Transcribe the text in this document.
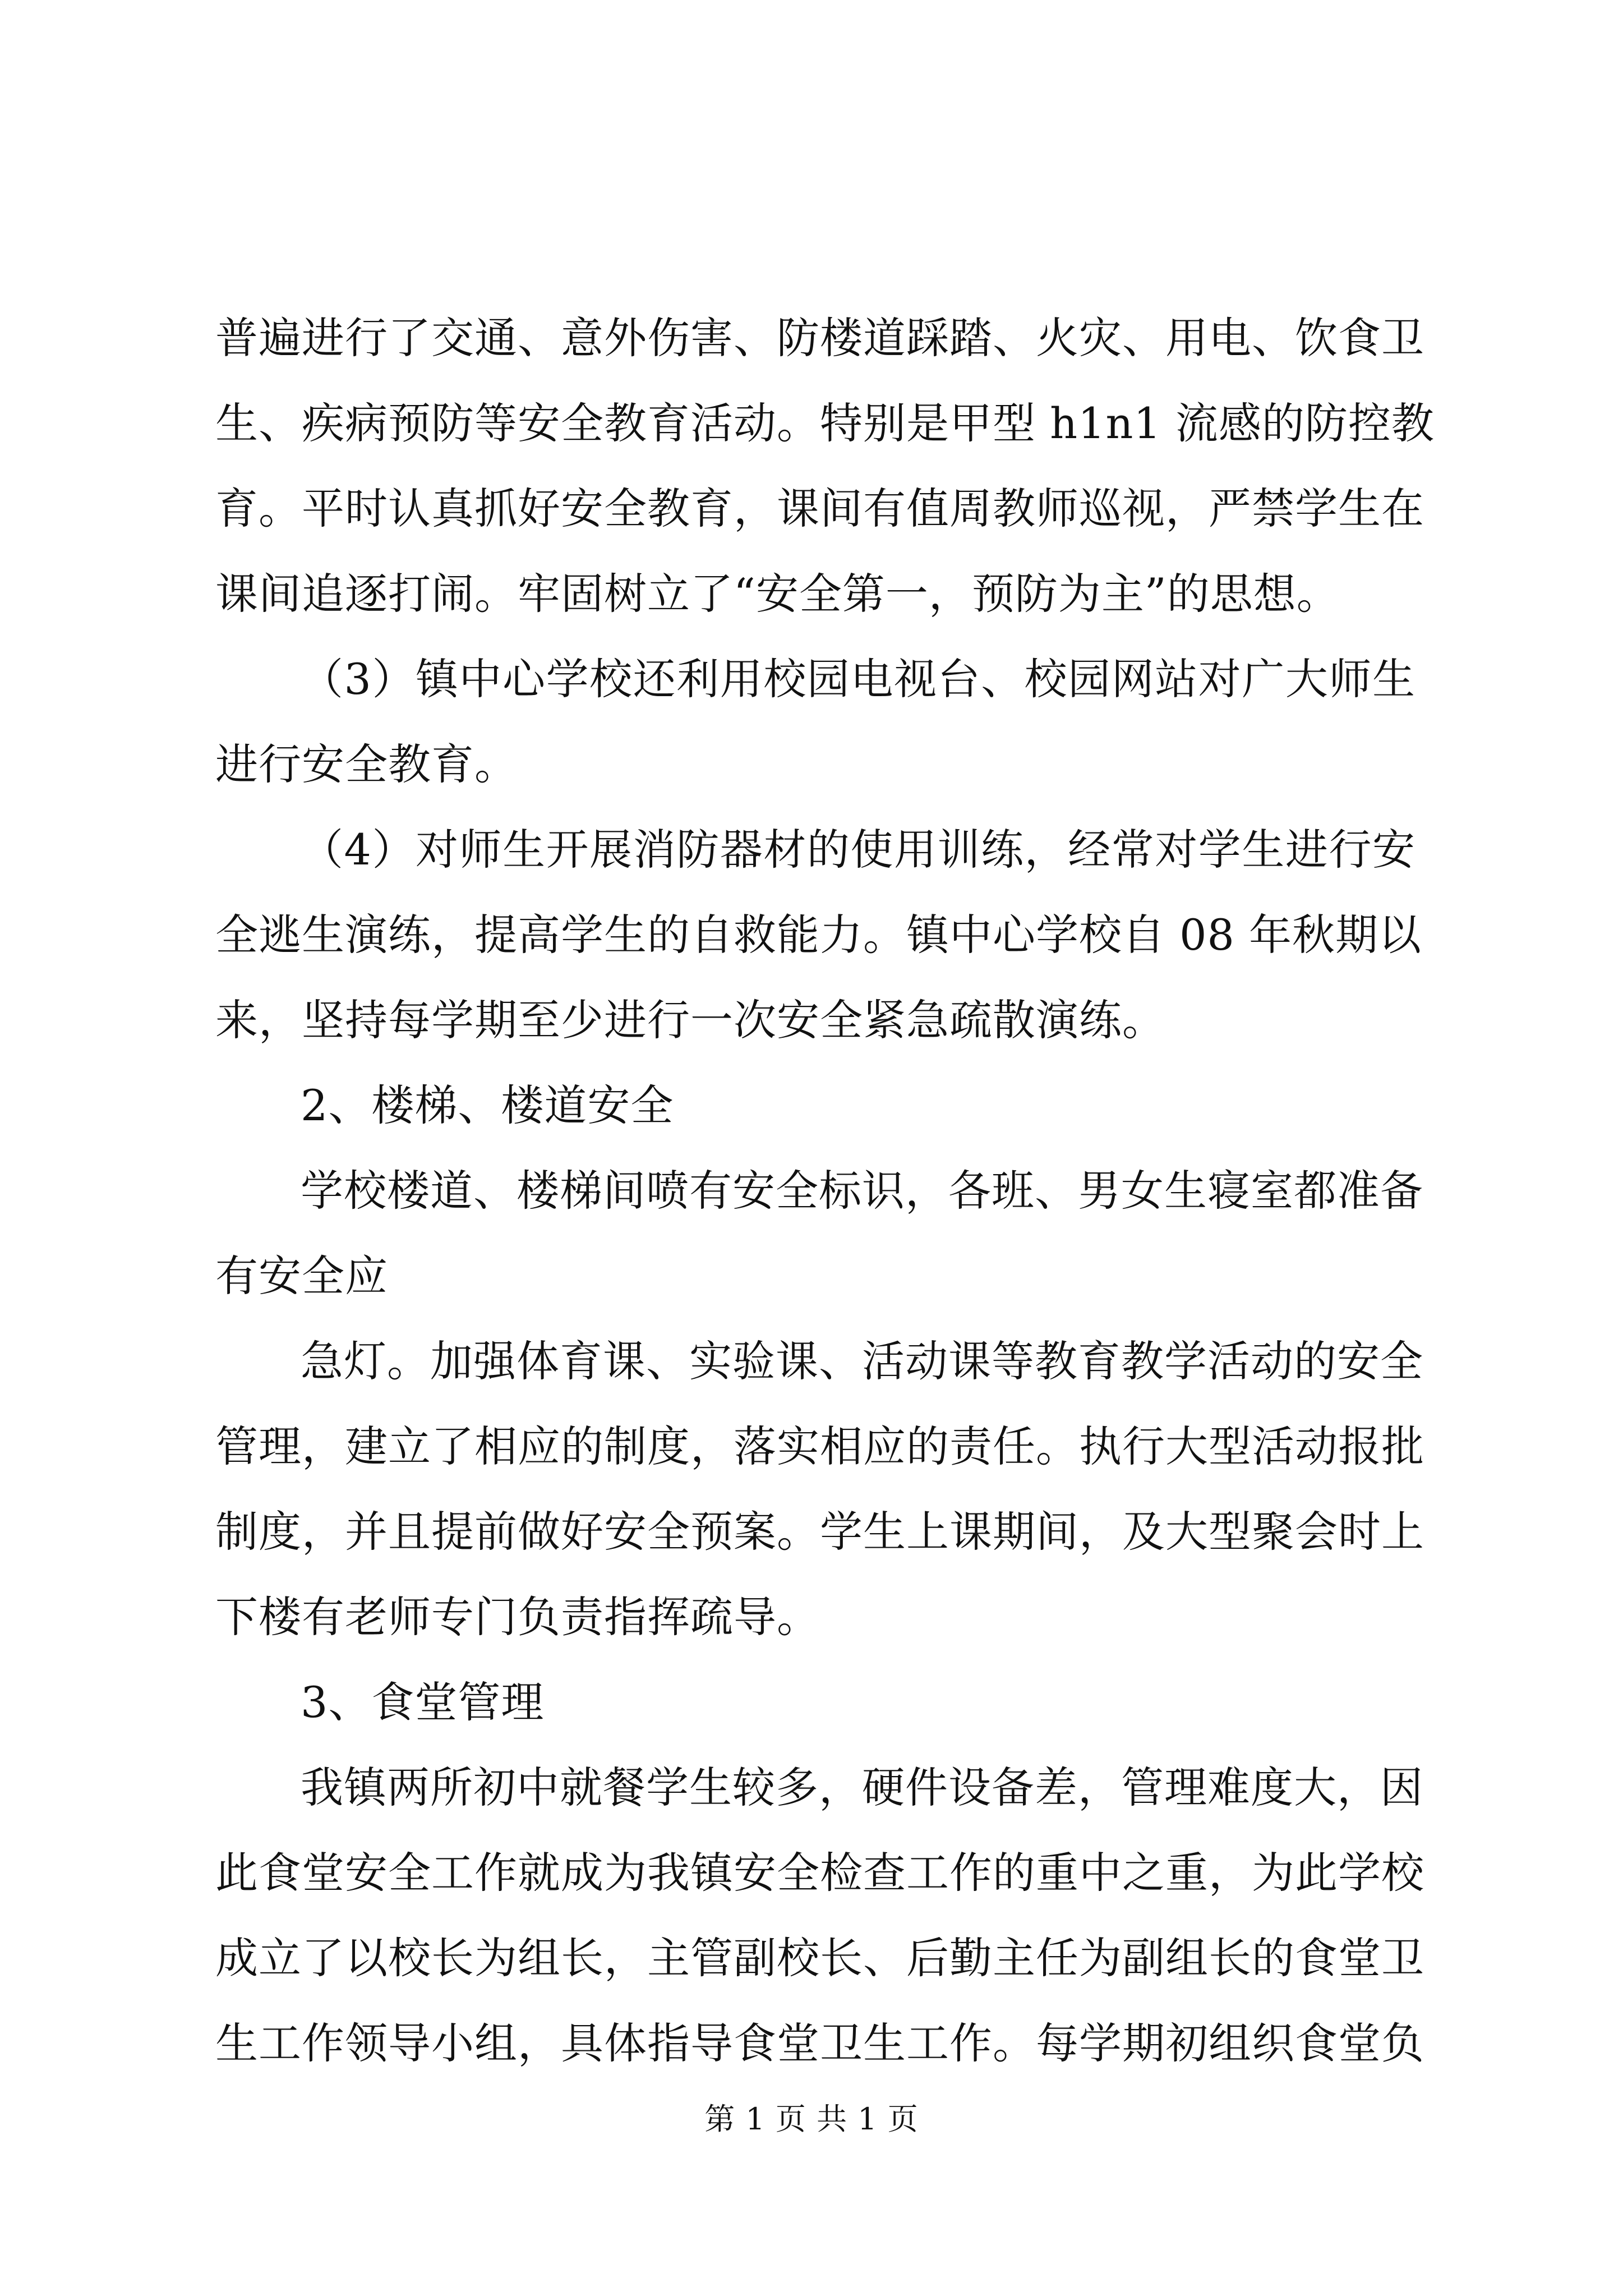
普遍进行了交通、意外伤害、防楼道踩踏、火灾、用电、饮食卫
生、疾病预防等安全教育活动。特别是甲型 h1n1 流感的防控教
育。平时认真抓好安全教育，课间有值周教师巡视，严禁学生在
课间追逐打闹。牢固树立了“安全第一，预防为主”的思想。
（3）镇中心学校还利用校园电视台、校园网站对广大师生
进行安全教育。
（4）对师生开展消防器材的使用训练，经常对学生进行安
全逃生演练，提高学生的自救能力。镇中心学校自 08 年秋期以
来，坚持每学期至少进行一次安全紧急疏散演练。
2、楼梯、楼道安全
学校楼道、楼梯间喷有安全标识，各班、男女生寝室都准备
有安全应
急灯。加强体育课、实验课、活动课等教育教学活动的安全
管理，建立了相应的制度，落实相应的责任。执行大型活动报批
制度，并且提前做好安全预案。学生上课期间，及大型聚会时上
下楼有老师专门负责指挥疏导。
3、食堂管理
我镇两所初中就餐学生较多，硬件设备差，管理难度大，因
此食堂安全工作就成为我镇安全检查工作的重中之重，为此学校
成立了以校长为组长，主管副校长、后勤主任为副组长的食堂卫
生工作领导小组，具体指导食堂卫生工作。每学期初组织食堂负
第 1 页 共 1 页
